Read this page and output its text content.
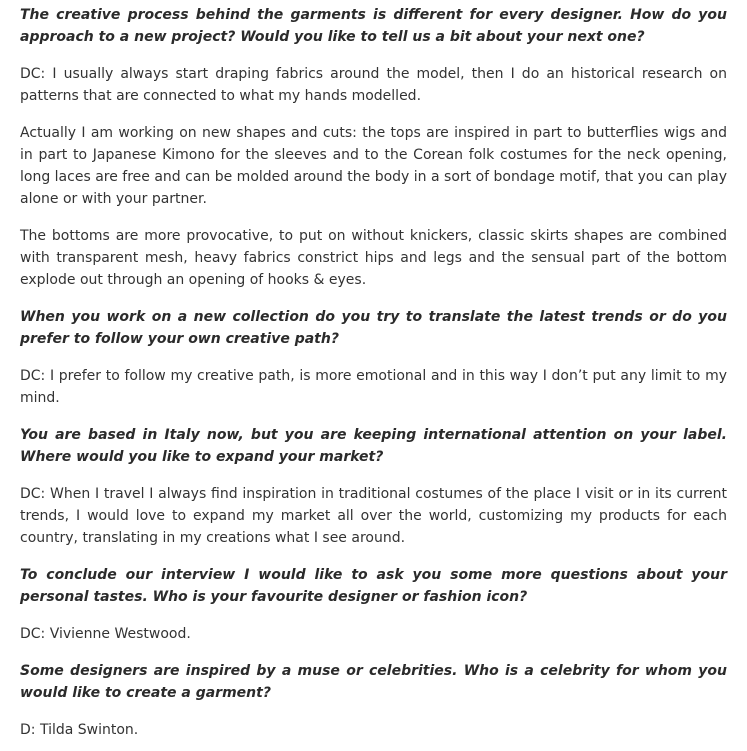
The creative process behind the garments is different for every designer. How do you approach to a new project? Would you like to tell us a bit about your next one?

DC: I usually always start draping fabrics around the model, then I do an historical research on patterns that are connected to what my hands modelled.

Actually I am working on new shapes and cuts: the tops are inspired in part to butterflies wigs and in part to Japanese Kimono for the sleeves and to the Corean folk costumes for the neck opening, long laces are free and can be molded around the body in a sort of bondage motif, that you can play alone or with your partner.

The bottoms are more provocative, to put on without knickers, classic skirts shapes are combined with transparent mesh, heavy fabrics constrict hips and legs and the sensual part of the bottom explode out through an opening of hooks & eyes.

When you work on a new collection do you try to translate the latest trends or do you prefer to follow your own creative path?

DC: I prefer to follow my creative path, is more emotional and in this way I don’t put any limit to my mind.

You are based in Italy now, but you are keeping international attention on your label. Where would you like to expand your market?

DC: When I travel I always find inspiration in traditional costumes of the place I visit or in its current trends, I would love to expand my market all over the world, customizing my products for each country, translating in my creations what I see around.

To conclude our interview I would like to ask you some more questions about your personal tastes. Who is your favourite designer or fashion icon?

DC: Vivienne Westwood.

Some designers are inspired by a muse or celebrities. Who is a celebrity for whom you would like to create a garment?

D: Tilda Swinton.
